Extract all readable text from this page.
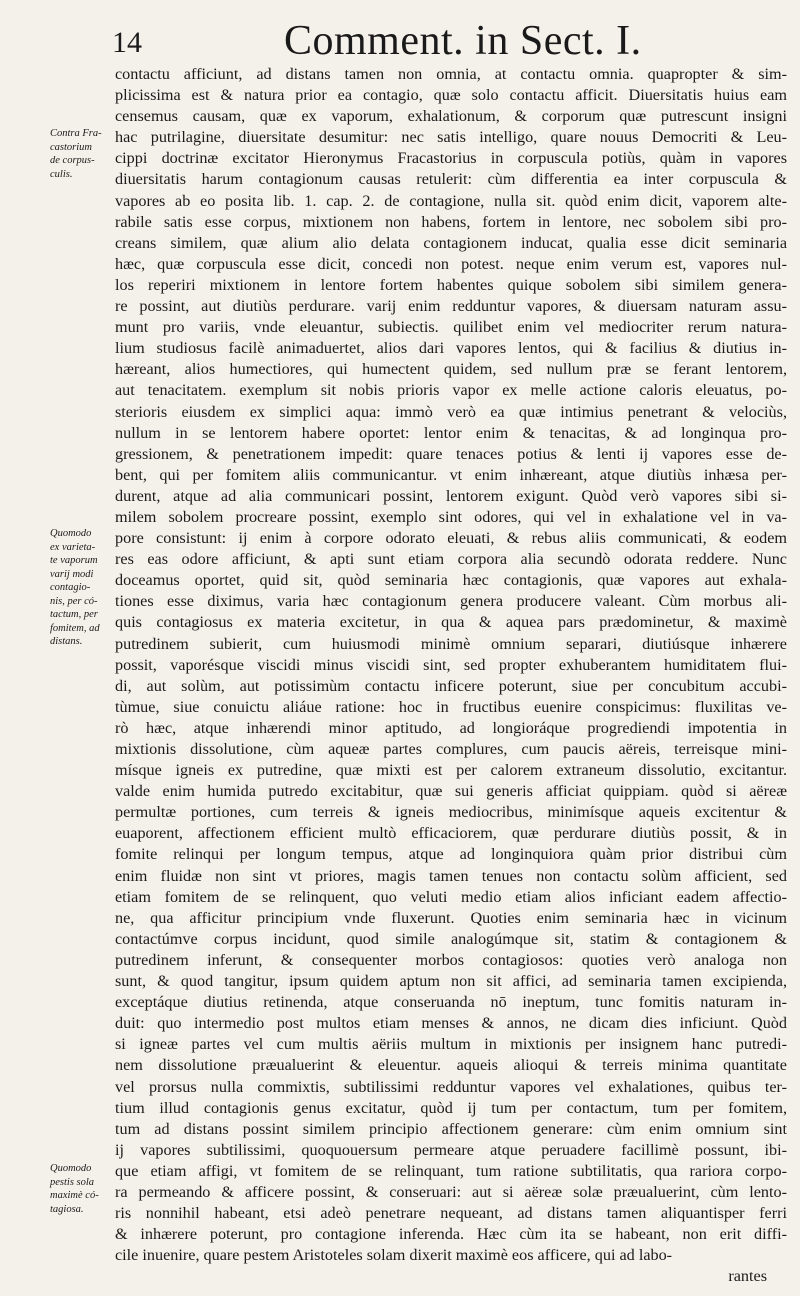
14	Comment. in Sect. I.
Contra Fra-
castorium
de corpus-
culis.
Quomodo
ex varieta-
te vaporum
varij modi
contagio-
nis, per có-
tactum, per
fomitem, ad
distans.
Quomodo
pestis sola
maximè có-
tagiosa.
contactu afficiunt, ad distans tamen non omnia, at contactu omnia. quapropter & sim-
plicissima est & natura prior ea contagio, quæ solo contactu afficit. Diuersitatis huius eam
censemus causam, quæ ex vaporum, exhalationum, & corporum quæ putrescunt insigni
hac putrilagine, diuersitate desumitur: nec satis intelligo, quare nouus Democriti & Leu-
cippi doctrinæ excitator Hieronymus Fracastorius in corpuscula potiùs, quàm in vapores
diuersitatis harum contagionum causas retulerit: cùm differentia ea inter corpuscula &
vapores ab eo posita lib. 1. cap. 2. de contagione, nulla sit. quòd enim dicit, vaporem alte-
rabile satis esse corpus, mixtionem non habens, fortem in lentore, nec sobolem sibi pro-
creans similem, quæ alium alio delata contagionem inducat, qualia esse dicit seminaria
hæc, quæ corpuscula esse dicit, concedi non potest. neque enim verum est, vapores nul-
los reperiri mixtionem in lentore fortem habentes quique sobolem sibi similem genera-
re possint, aut diutiùs perdurare. varij enim redduntur vapores, & diuersam naturam assu-
munt pro variis, vnde eleuantur, subiectis. quilibet enim vel mediocriter rerum natura-
lium studiosus facilè animaduertet, alios dari vapores lentos, qui & facilius & diutius in-
hæreant, alios humectiores, qui humectent quidem, sed nullum præ se ferant lentorem,
aut tenacitatem. exemplum sit nobis prioris vapor ex melle actione caloris eleuatus, po-
sterioris eiusdem ex simplici aqua: immò verò ea quæ intimius penetrant & velociùs,
nullum in se lentorem habere oportet: lentor enim & tenacitas, & ad longinqua pro-
gressionem, & penetrationem impedit: quare tenaces potius & lenti ij vapores esse de-
bent, qui per fomitem aliis communicantur. vt enim inhæreant, atque diutiùs inhæsa per-
durent, atque ad alia communicari possint, lentorem exigunt. Quòd verò vapores sibi si-
milem sobolem procreare possint, exemplo sint odores, qui vel in exhalatione vel in va-
pore consistunt: ij enim à corpore odorato eleuati, & rebus aliis communicati, & eodem
res eas odore afficiunt, & apti sunt etiam corpora alia secundò odorata reddere. Nunc
doceamus oportet, quid sit, quòd seminaria hæc contagionis, quæ vapores aut exhala-
tiones esse diximus, varia hæc contagionum genera producere valeant. Cùm morbus ali-
quis contagiosus ex materia excitetur, in qua & aquea pars prædominetur, & maximè
putredinem subierit, cum huiusmodi minimè omnium separari, diutiúsque inhærere
possit, vaporésque viscidi minus viscidi sint, sed propter exhuberantem humiditatem flui-
di, aut solùm, aut potissimùm contactu inficere poterunt, siue per concubitum accubi-
tùmue, siue conuictu aliáue ratione: hoc in fructibus euenire conspicimus: fluxilitas ve-
rò hæc, atque inhærendi minor aptitudo, ad longioráque progrediendi impotentia in
mixtionis dissolutione, cùm aqueæ partes complures, cum paucis aëreis, terreisque mini-
mísque igneis ex putredine, quæ mixti est per calorem extraneum dissolutio, excitantur.
valde enim humida putredo excitabitur, quæ sui generis afficiat quippiam. quòd si aëreæ
permultæ portiones, cum terreis & igneis mediocribus, minimísque aqueis excitentur &
euaporent, affectionem efficient multò efficaciorem, quæ perdurare diutiùs possit, & in
fomite relinqui per longum tempus, atque ad longinquiora quàm prior distribui cùm
enim fluidæ non sint vt priores, magis tamen tenues non contactu solùm afficient, sed
etiam fomitem de se relinquent, quo veluti medio etiam alios inficiant eadem affectio-
ne, qua afficitur principium vnde fluxerunt. Quoties enim seminaria hæc in vicinum
contactúmve corpus incidunt, quod simile analogúmque sit, statim & contagionem &
putredinem inferunt, & consequenter morbos contagiosos: quoties verò analoga non
sunt, & quod tangitur, ipsum quidem aptum non sit affici, ad seminaria tamen excipienda,
exceptáque diutius retinenda, atque conseruanda nō ineptum, tunc fomitis naturam in-
duit: quo intermedio post multos etiam menses & annos, ne dicam dies inficiunt. Quòd
si igneæ partes vel cum multis aëriis multum in mixtionis per insignem hanc putredi-
nem dissolutione præualuerint & eleuentur. aqueis alioqui & terreis minima quantitate
vel prorsus nulla commixtis, subtilissimi redduntur vapores vel exhalationes, quibus ter-
tium illud contagionis genus excitatur, quòd ij tum per contactum, tum per fomitem,
tum ad distans possint similem principio affectionem generare: cùm enim omnium sint
ij vapores subtilissimi, quoquouersum permeare atque peruadere facillimè possunt, ibi-
que etiam affigi, vt fomitem de se relinquant, tum ratione subtilitatis, qua rariora corpo-
ra permeando & afficere possint, & conseruari: aut si aëreæ solæ præualuerint, cùm lento-
ris nonnihil habeant, etsi adeò penetrare nequeant, ad distans tamen aliquantisper ferri
& inhærere poterunt, pro contagione inferenda. Hæc cùm ita se habeant, non erit diffi-
cile inuenire, quare pestem Aristoteles solam dixerit maximè eos afficere, qui ad labo-
rantes
